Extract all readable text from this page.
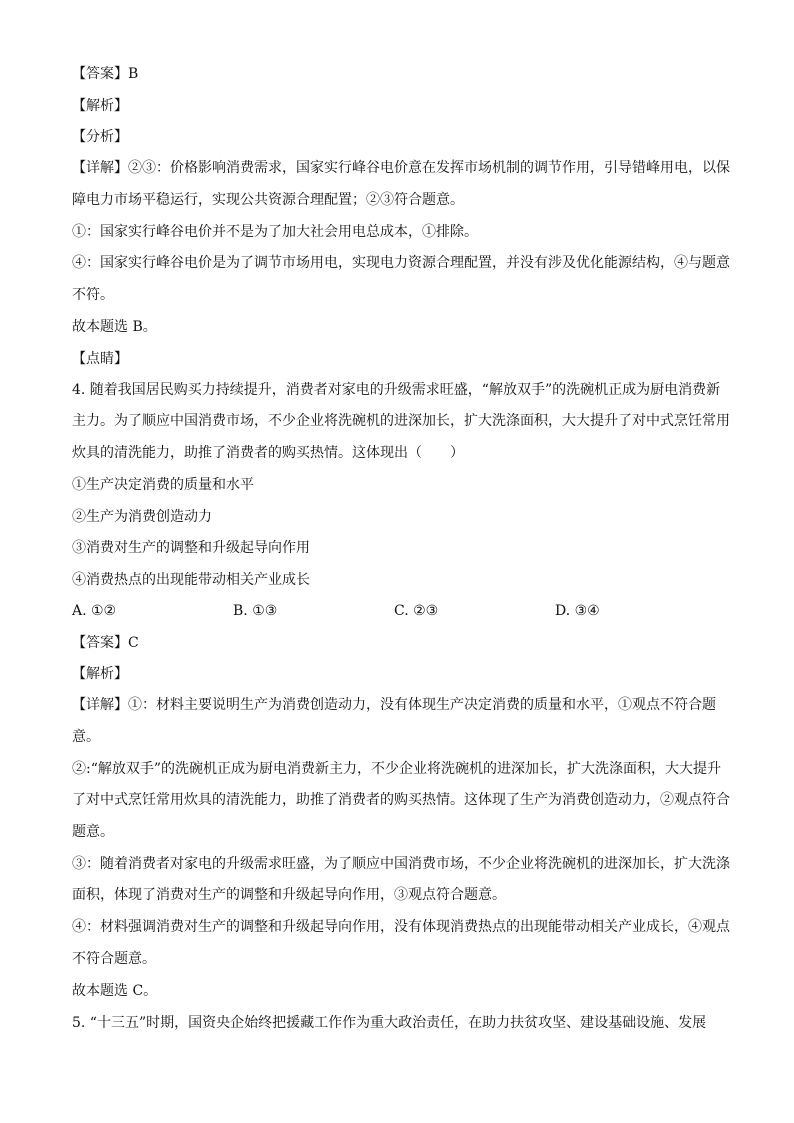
【答案】B
【解析】
【分析】
【详解】②③：价格影响消费需求，国家实行峰谷电价意在发挥市场机制的调节作用，引导错峰用电，以保障电力市场平稳运行，实现公共资源合理配置；②③符合题意。
①：国家实行峰谷电价并不是为了加大社会用电总成本，①排除。
④：国家实行峰谷电价是为了调节市场用电，实现电力资源合理配置，并没有涉及优化能源结构，④与题意不符。
故本题选 B。
【点睛】
4. 随着我国居民购买力持续提升，消费者对家电的升级需求旺盛，“解放双手”的洗碗机正成为厨电消费新主力。为了顺应中国消费市场，不少企业将洗碗机的进深加长，扩大洗涤面积，大大提升了对中式烹饪常用炊具的清洗能力，助推了消费者的购买热情。这体现出（　　）
①生产决定消费的质量和水平
②生产为消费创造动力
③消费对生产的调整和升级起导向作用
④消费热点的出现能带动相关产业成长
A. ①②	B. ①③	C. ②③	D. ③④
【答案】C
【解析】
【详解】①：材料主要说明生产为消费创造动力，没有体现生产决定消费的质量和水平，①观点不符合题意。
②:“解放双手”的洗碗机正成为厨电消费新主力，不少企业将洗碗机的进深加长，扩大洗涤面积，大大提升了对中式烹饪常用炊具的清洗能力，助推了消费者的购买热情。这体现了生产为消费创造动力，②观点符合题意。
③：随着消费者对家电的升级需求旺盛，为了顺应中国消费市场，不少企业将洗碗机的进深加长，扩大洗涤面积，体现了消费对生产的调整和升级起导向作用，③观点符合题意。
④：材料强调消费对生产的调整和升级起导向作用，没有体现消费热点的出现能带动相关产业成长，④观点不符合题意。
故本题选 C。
5. “十三五”时期，国资央企始终把援藏工作作为重大政治责任，在助力扶贫攻坚、建设基础设施、发展
